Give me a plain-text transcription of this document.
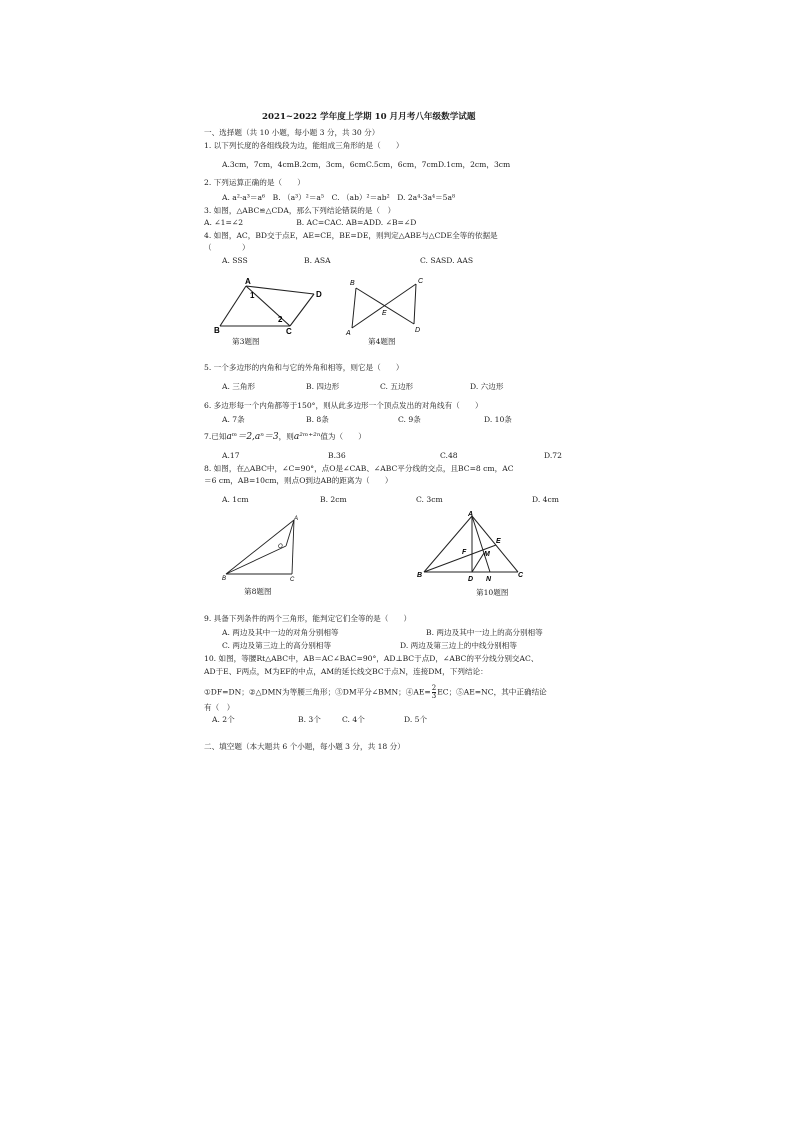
2021~2022 学年度上学期 10 月月考八年级数学试题
一、选择题（共 10 小题，每小题 3 分，共 30 分）
1. 以下列长度的各组线段为边，能组成三角形的是（　　）
A.3cm，7cm，4cmB.2cm，3cm，6cmC.5cm，6cm，7cmD.1cm，2cm，3cm
2. 下列运算正确的是（　　）
A. a²·a³＝a⁶　B. （a³）²＝a⁵　C. （ab）²＝ab²　D. 2a⁴·3a⁴＝5a⁸
3. 如图，△ABC≌△CDA，那么下列结论错误的是（　）
A. ∠1=∠2　　　　　　　B. AC=CAC. AB=ADD. ∠B=∠D
4. 如图，AC，BD交于点E，AE=CE，BE=DE，则判定△ABE与△CDE全等的依据是
（　　　　）
A. SSS	B. ASA	C. SASD. AAS
A
B	C
D
1
2
第3题图
B	C
A	D
E
第4题图
5. 一个多边形的内角和与它的外角和相等，则它是（　　）
A. 三角形	B. 四边形	C. 五边形	D. 六边形
6. 多边形每一个内角都等于150°，则从此多边形一个顶点发出的对角线有（　　）
A. 7条	B. 8条	C. 9条	D. 10条
7.已知aᵐ＝2,aⁿ＝3，则a²ᵐ⁺²ⁿ值为（　　）
A.17	B.36	C.48	D.72
8. 如图，在△ABC中，∠C=90°，点O是∠CAB、∠ABC平分线的交点，且BC=8 cm，AC
＝6 cm，AB=10cm，则点O到边AB的距离为（　　）
A. 1cm	B. 2cm	C. 3cm	D. 4cm
A
B	C
O
第8题图
A
B	C
D
E
F	M
N
第10题图
9. 具备下列条件的两个三角形，能判定它们全等的是（　　）
A. 两边及其中一边的对角分别相等	B. 两边及其中一边上的高分别相等
C. 两边及第三边上的高分别相等	D. 两边及第三边上的中线分别相等
10. 如图，等腰Rt△ABC中，AB＝AC∠BAC=90°，AD⊥BC于点D，∠ABC的平分线分别交AC、
AD于E、F两点，M为EF的中点，AM的延长线交BC于点N，连接DM，下列结论：
①DF=DN；②△DMN为等腰三角形；③DM平分∠BMN；④AE= $\frac{2}{3}$ EC；⑤AE=NC，其中正确结论
有（　）
A. 2个	B. 3个	C. 4个	D. 5个
二、填空题（本大题共 6 个小题，每小题 3 分，共 18 分）
